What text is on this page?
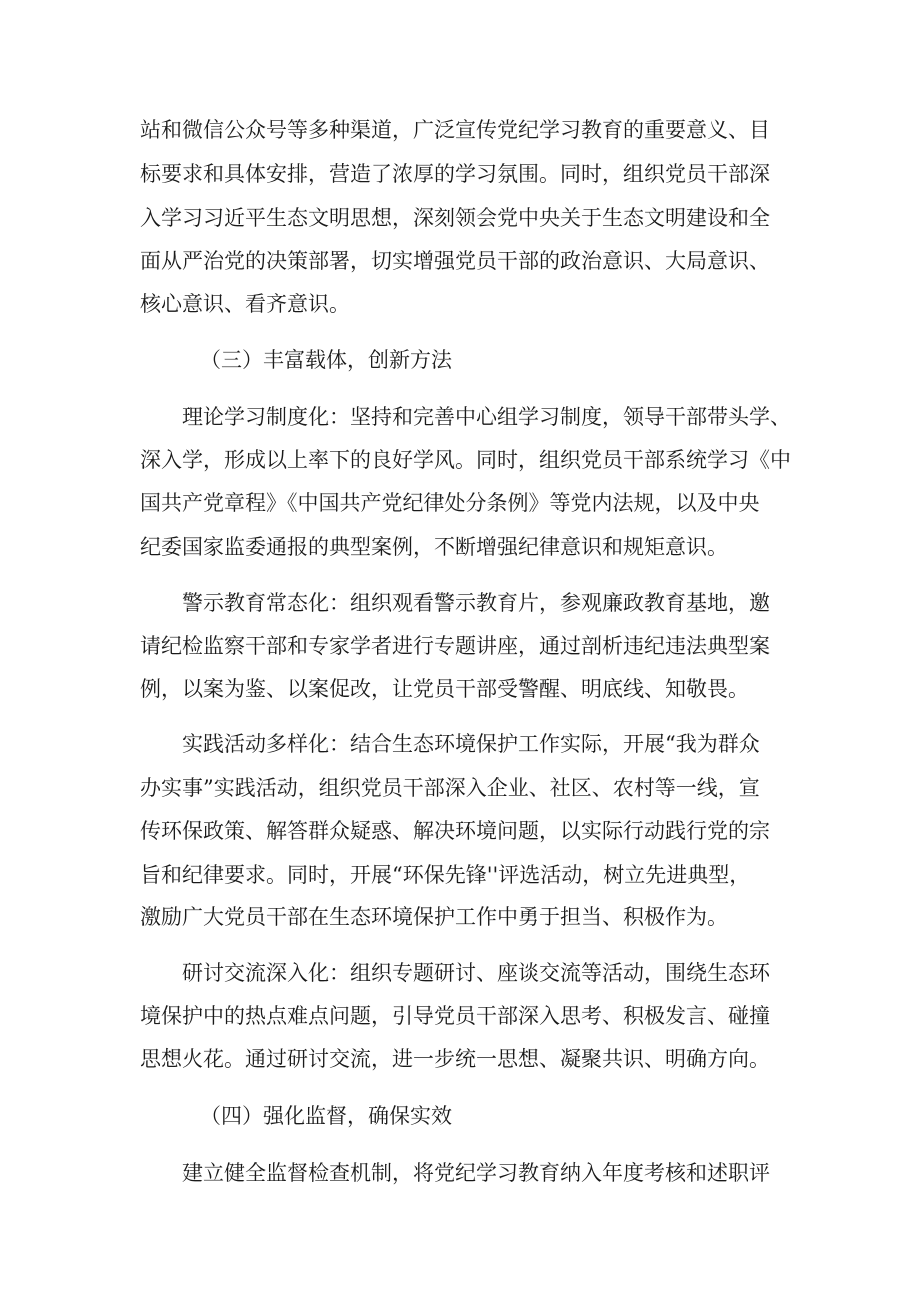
站和微信公众号等多种渠道，广泛宣传党纪学习教育的重要意义、目

标要求和具体安排，营造了浓厚的学习氛围。同时，组织党员干部深

入学习习近平生态文明思想，深刻领会党中央关于生态文明建设和全

面从严治党的决策部署，切实增强党员干部的政治意识、大局意识、

核心意识、看齐意识。

（三）丰富载体，创新方法

理论学习制度化：坚持和完善中心组学习制度，领导干部带头学、

深入学，形成以上率下的良好学风。同时，组织党员干部系统学习《中

国共产党章程》《中国共产党纪律处分条例》等党内法规，以及中央

纪委国家监委通报的典型案例，不断增强纪律意识和规矩意识。

警示教育常态化：组织观看警示教育片，参观廉政教育基地，邀

请纪检监察干部和专家学者进行专题讲座，通过剖析违纪违法典型案

例，以案为鉴、以案促改，让党员干部受警醒、明底线、知敬畏。

实践活动多样化：结合生态环境保护工作实际，开展“我为群众

办实事”实践活动，组织党员干部深入企业、社区、农村等一线，宣

传环保政策、解答群众疑惑、解决环境问题，以实际行动践行党的宗

旨和纪律要求。同时，开展“环保先锋''评选活动，树立先进典型，

激励广大党员干部在生态环境保护工作中勇于担当、积极作为。

研讨交流深入化：组织专题研讨、座谈交流等活动，围绕生态环

境保护中的热点难点问题，引导党员干部深入思考、积极发言、碰撞

思想火花。通过研讨交流，进一步统一思想、凝聚共识、明确方向。

（四）强化监督，确保实效

建立健全监督检查机制，将党纪学习教育纳入年度考核和述职评
